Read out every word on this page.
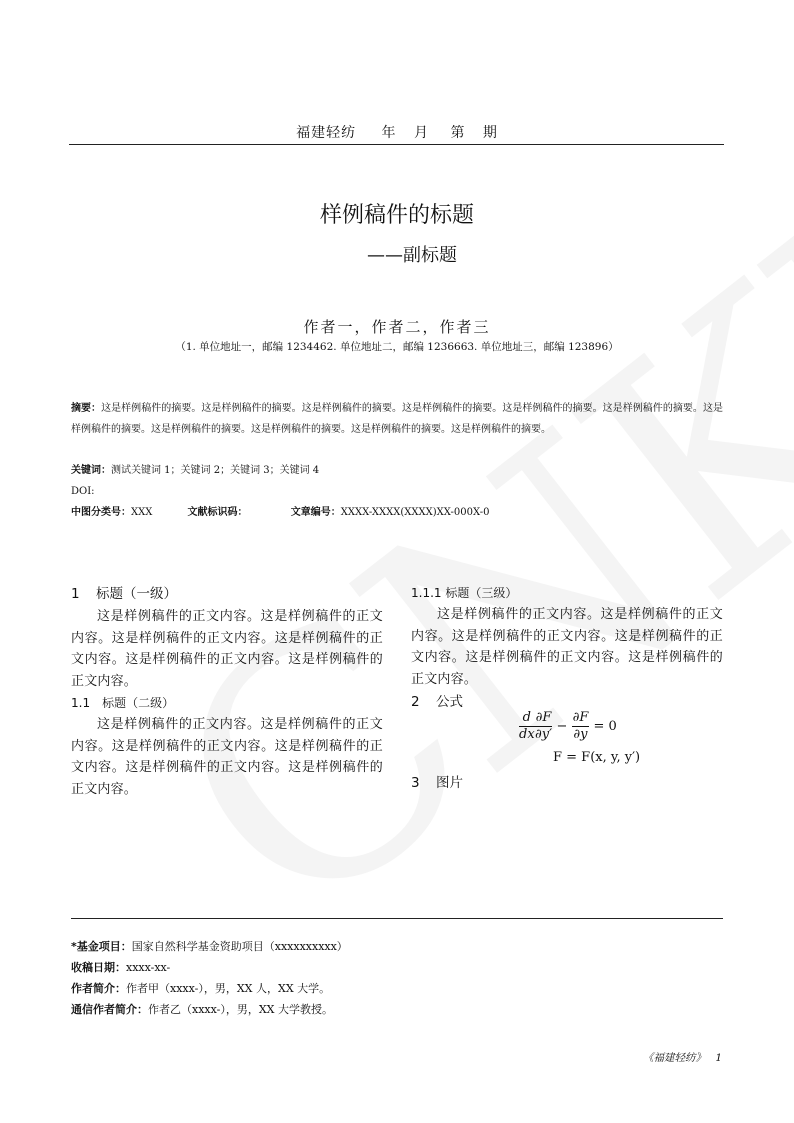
福建轻纺 年 月 第 期
样例稿件的标题
——副标题
作者一，作者二，作者三
（1. 单位地址一，邮编 1234462. 单位地址二，邮编 1236663. 单位地址三，邮编 123896）
摘要：这是样例稿件的摘要。这是样例稿件的摘要。这是样例稿件的摘要。这是样例稿件的摘要。这是样例稿件的摘要。这是样例稿件的摘要。这是样例稿件的摘要。这是样例稿件的摘要。这是样例稿件的摘要。这是样例稿件的摘要。这是样例稿件的摘要。
关键词：测试关键词 1；关键词 2；关键词 3；关键词 4
DOI:
中图分类号：XXX	文献标识码：	文章编号：XXXX-XXXX(XXXX)XX-000X-0
1 标题（一级）
这是样例稿件的正文内容。这是样例稿件的正文内容。这是样例稿件的正文内容。这是样例稿件的正文内容。这是样例稿件的正文内容。这是样例稿件的正文内容。
1.1　标题（二级）
这是样例稿件的正文内容。这是样例稿件的正文内容。这是样例稿件的正文内容。这是样例稿件的正文内容。这是样例稿件的正文内容。这是样例稿件的正文内容。
1.1.1 标题（三级）
这是样例稿件的正文内容。这是样例稿件的正文内容。这是样例稿件的正文内容。这是样例稿件的正文内容。这是样例稿件的正文内容。这是样例稿件的正文内容。
2 公式
$\frac{d}{dx} \frac{\partial F}{\partial y'} - \frac{\partial F}{\partial y} = 0$
F = F(x, y, y′)
3 图片
*基金项目：国家自然科学基金资助项目（xxxxxxxxxx）
收稿日期：xxxx-xx-
作者简介：作者甲（xxxx-），男，XX 人，XX 大学。
通信作者简介：作者乙（xxxx-），男，XX 大学教授。
《福建轻纺》 1
